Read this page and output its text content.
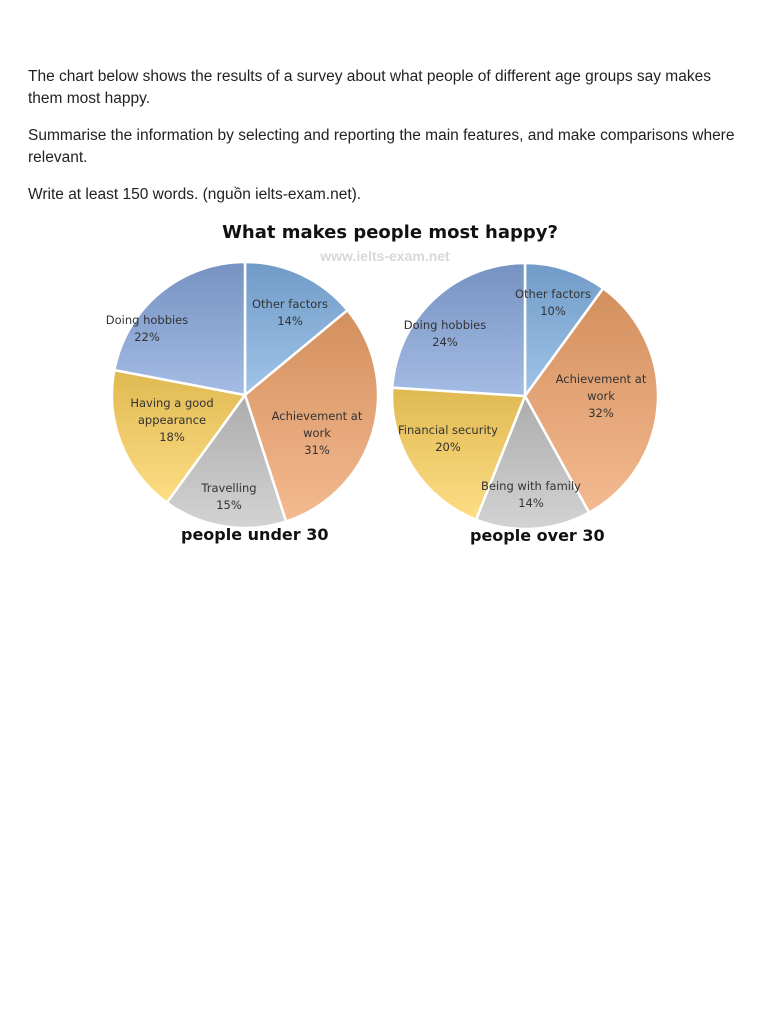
The chart below shows the results of a survey about what people of different age groups say makes them most happy.

Summarise the information by selecting and reporting the main features, and make comparisons where relevant.

Write at least 150 words. (nguồn ielts-exam.net).

Other factors 14%
Achievement at work 31%
Travelling 15%
Having a good appearance 18%
Doing hobbies 22%
Other factors 10%
Achievement at work 32%
Being with family 14%
Financial security 20%
Doing hobbies 24%
What makes people most happy?
www.ielts-exam.net
people under 30	people over 30
